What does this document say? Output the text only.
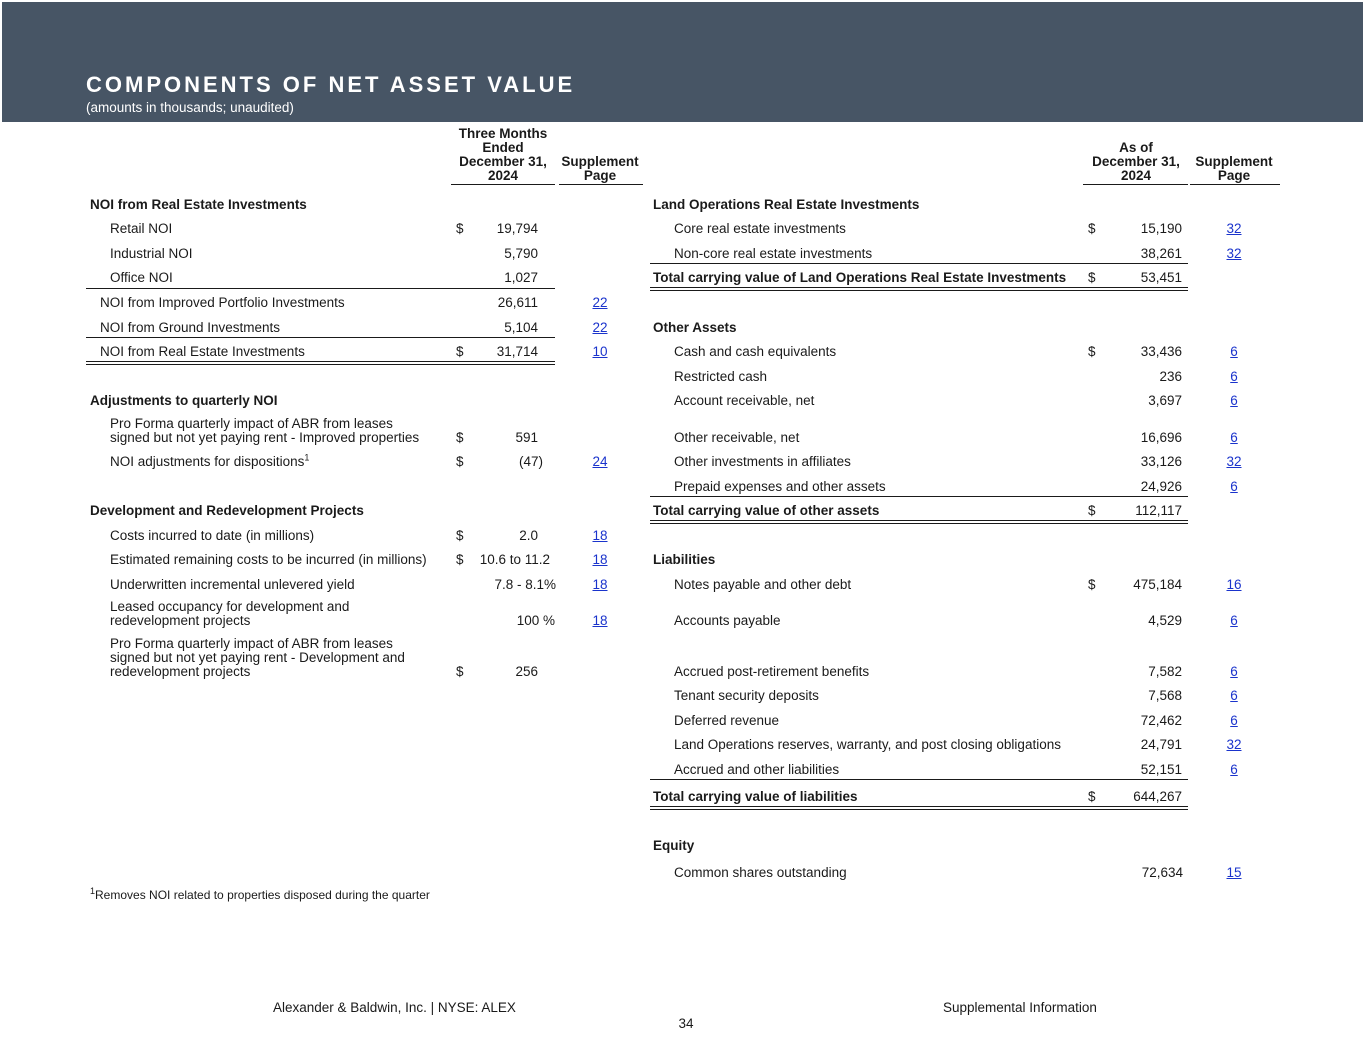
COMPONENTS OF NET ASSET VALUE
(amounts in thousands; unaudited)
Three Months
Ended
December 31,
2024
Supplement
Page
NOI from Real Estate Investments
Retail NOI	$	19,794
Industrial NOI	5,790
Office NOI	1,027
NOI from Improved Portfolio Investments	26,611	22
NOI from Ground Investments	5,104	22
NOI from Real Estate Investments	$	31,714	10
Adjustments to quarterly NOI
Pro Forma quarterly impact of ABR from leases
signed but not yet paying rent - Improved properties	$	591
NOI adjustments for dispositions$^1$	$	(47)	24
Development and Redevelopment Projects
Costs incurred to date (in millions)	$	2.0	18
Estimated remaining costs to be incurred (in millions) $	10.6 to 11.2	18
Underwritten incremental unlevered yield	7.8 - 8.1%	18
Leased occupancy for development and
redevelopment projects	100 %	18
Pro Forma quarterly impact of ABR from leases
signed but not yet paying rent - Development and
redevelopment projects	$	256
$^1$Removes NOI related to properties disposed during the quarter
As of
December 31,
2024
Supplement
Page
Land Operations Real Estate Investments
Core real estate investments	$	15,190	32
Non-core real estate investments	38,261	32
Total carrying value of Land Operations Real Estate Investments $	53,451
Other Assets
Cash and cash equivalents	$	33,436	6
Restricted cash	236	6
Account receivable, net	3,697	6
Other receivable, net	16,696	6
Other investments in affiliates	33,126	32
Prepaid expenses and other assets	24,926	6
Total carrying value of other assets	$	112,117
Liabilities
Notes payable and other debt	$	475,184	16
Accounts payable	4,529	6
Accrued post-retirement benefits	7,582	6
Tenant security deposits	7,568	6
Deferred revenue	72,462	6
Land Operations reserves, warranty, and post closing obligations	24,791	32
Accrued and other liabilities	52,151	6
Total carrying value of liabilities	$	644,267
Equity
Common shares outstanding	72,634	15
Alexander & Baldwin, Inc. | NYSE: ALEX	Supplemental Information
34
